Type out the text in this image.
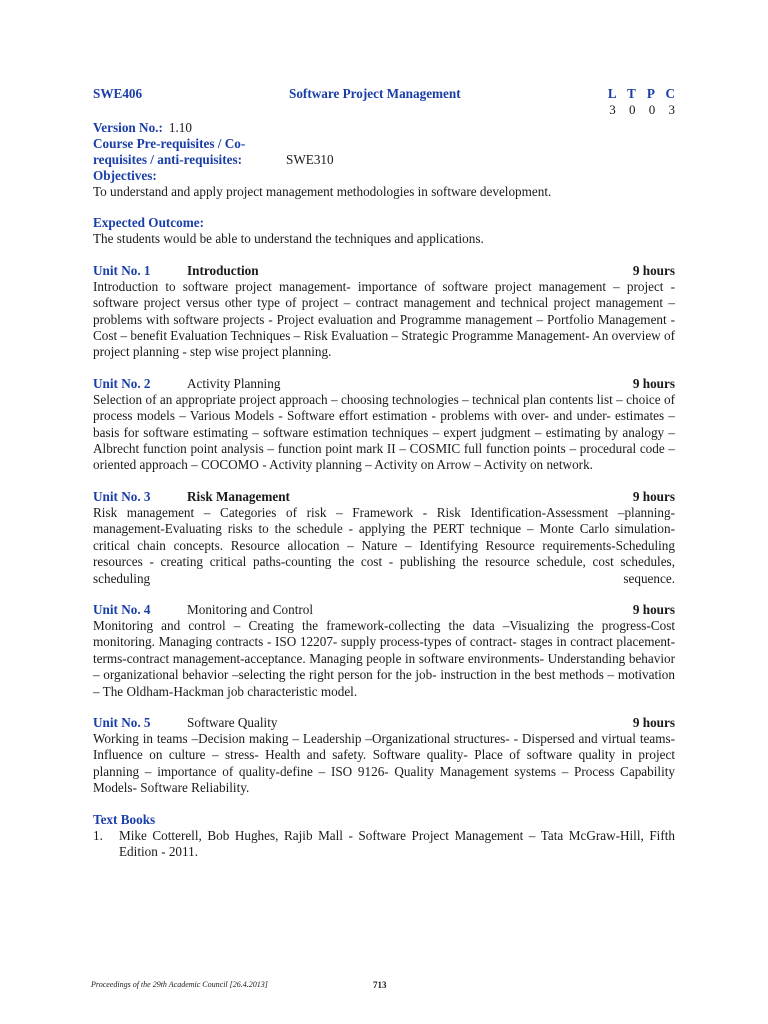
SWE406	Software Project Management	L T P C
3 0 0 3
Version No.: 1.10
Course Pre-requisites / Co-
requisites / anti-requisites:	SWE310
Objectives:

To understand and apply project management methodologies in software development.

Expected Outcome:

The students would be able to understand the techniques and applications.

Unit No. 1	Introduction	9 hours

Introduction to software project management- importance of software project management – project - software project versus other type of project – contract management and technical project management – problems with software projects - Project evaluation and Programme management – Portfolio Management - Cost – benefit Evaluation Techniques – Risk Evaluation – Strategic Programme Management- An overview of project planning - step wise project planning.

Unit No. 2	Activity Planning	9 hours

Selection of an appropriate project approach – choosing technologies – technical plan contents list – choice of process models – Various Models - Software effort estimation - problems with over- and under- estimates – basis for software estimating – software estimation techniques – expert judgment – estimating by analogy – Albrecht function point analysis – function point mark II – COSMIC full function points – procedural code – oriented approach – COCOMO - Activity planning – Activity on Arrow – Activity on network.

Unit No. 3	Risk Management	9 hours

Risk management – Categories of risk – Framework - Risk Identification-Assessment –planning-management-Evaluating risks to the schedule - applying the PERT technique – Monte Carlo simulation-critical chain concepts. Resource allocation – Nature – Identifying Resource requirements-Scheduling resources - creating critical paths-counting the cost - publishing the resource schedule, cost schedules, scheduling sequence.

Unit No. 4	Monitoring and Control	9 hours

Monitoring and control – Creating the framework-collecting the data –Visualizing the progress-Cost monitoring. Managing contracts - ISO 12207- supply process-types of contract- stages in contract placement-terms-contract management-acceptance. Managing people in software environments- Understanding behavior – organizational behavior –selecting the right person for the job- instruction in the best methods – motivation – The Oldham-Hackman job characteristic model.

Unit No. 5	Software Quality	9 hours

Working in teams –Decision making – Leadership –Organizational structures- - Dispersed and virtual teams- Influence on culture – stress- Health and safety. Software quality- Place of software quality in project planning – importance of quality-define – ISO 9126- Quality Management systems – Process Capability Models- Software Reliability.

Text Books
1.	Mike Cotterell, Bob Hughes, Rajib Mall - Software Project Management – Tata McGraw-Hill, Fifth Edition - 2011.
Proceedings of the 29th Academic Council [26.4.2013]	713
